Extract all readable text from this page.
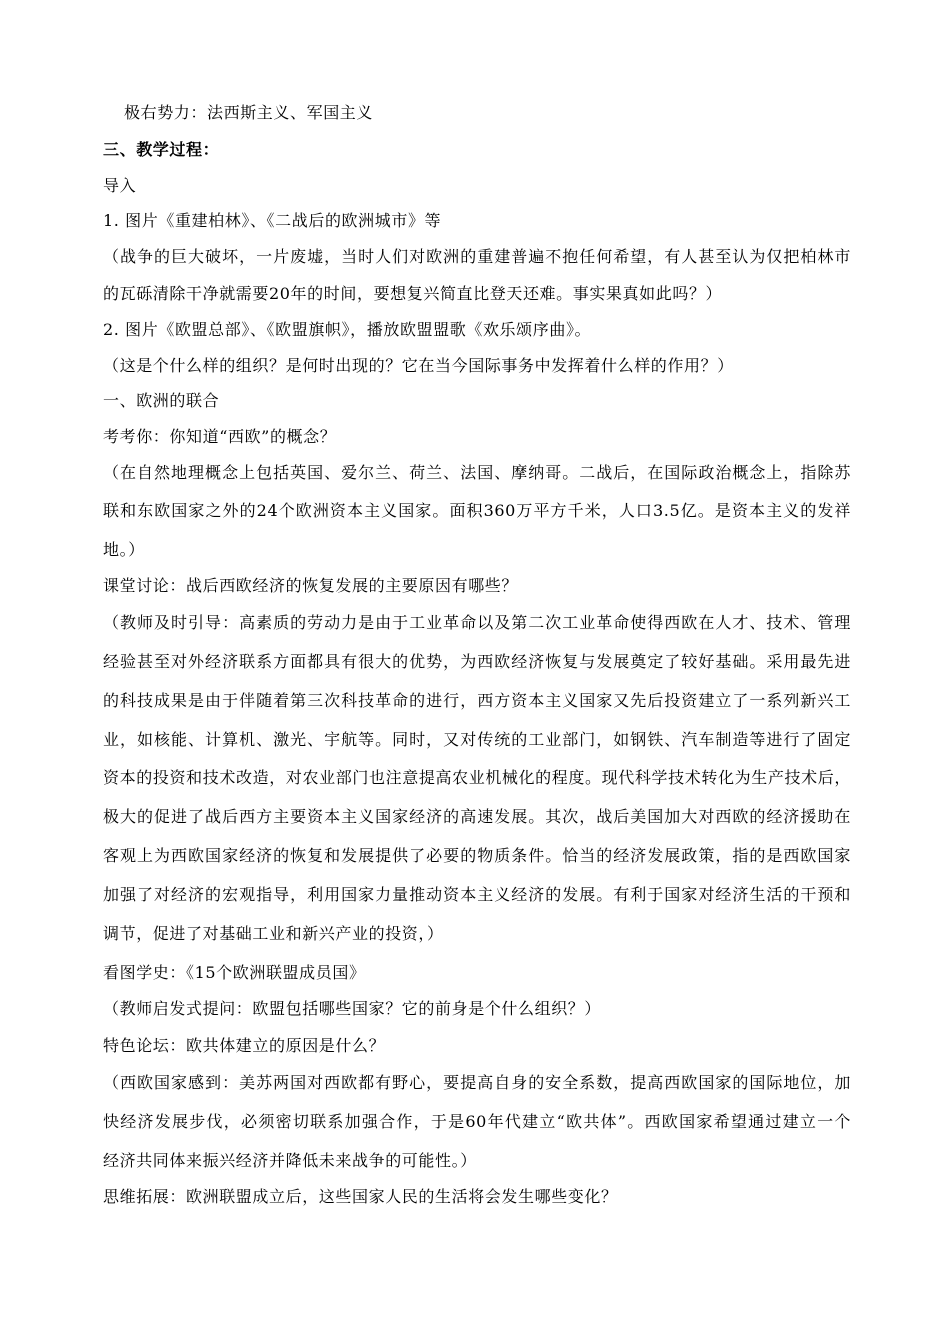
极右势力：法西斯主义、军国主义
三、教学过程：
导入
1. 图片《重建柏林》、《二战后的欧洲城市》等
（战争的巨大破坏，一片废墟，当时人们对欧洲的重建普遍不抱任何希望，有人甚至认为仅把柏林市
的瓦砾清除干净就需要20年的时间，要想复兴简直比登天还难。事实果真如此吗？）
2. 图片《欧盟总部》、《欧盟旗帜》，播放欧盟盟歌《欢乐颂序曲》。
（这是个什么样的组织？是何时出现的？它在当今国际事务中发挥着什么样的作用？）
一、欧洲的联合
考考你：你知道“西欧”的概念？
（在自然地理概念上包括英国、爱尔兰、荷兰、法国、摩纳哥。二战后，在国际政治概念上，指除苏
联和东欧国家之外的24个欧洲资本主义国家。面积360万平方千米，人口3.5亿。是资本主义的发祥
地。）
课堂讨论：战后西欧经济的恢复发展的主要原因有哪些？
（教师及时引导：高素质的劳动力是由于工业革命以及第二次工业革命使得西欧在人才、技术、管理
经验甚至对外经济联系方面都具有很大的优势，为西欧经济恢复与发展奠定了较好基础。采用最先进
的科技成果是由于伴随着第三次科技革命的进行，西方资本主义国家又先后投资建立了一系列新兴工
业，如核能、计算机、激光、宇航等。同时，又对传统的工业部门，如钢铁、汽车制造等进行了固定
资本的投资和技术改造，对农业部门也注意提高农业机械化的程度。现代科学技术转化为生产技术后，
极大的促进了战后西方主要资本主义国家经济的高速发展。其次，战后美国加大对西欧的经济援助在
客观上为西欧国家经济的恢复和发展提供了必要的物质条件。恰当的经济发展政策，指的是西欧国家
加强了对经济的宏观指导，利用国家力量推动资本主义经济的发展。有利于国家对经济生活的干预和
调节，促进了对基础工业和新兴产业的投资，）
看图学史：《15个欧洲联盟成员国》
（教师启发式提问：欧盟包括哪些国家？它的前身是个什么组织？）
特色论坛：欧共体建立的原因是什么？
（西欧国家感到：美苏两国对西欧都有野心，要提高自身的安全系数，提高西欧国家的国际地位，加
快经济发展步伐，必须密切联系加强合作，于是60年代建立“欧共体”。西欧国家希望通过建立一个
经济共同体来振兴经济并降低未来战争的可能性。）
思维拓展：欧洲联盟成立后，这些国家人民的生活将会发生哪些变化？
